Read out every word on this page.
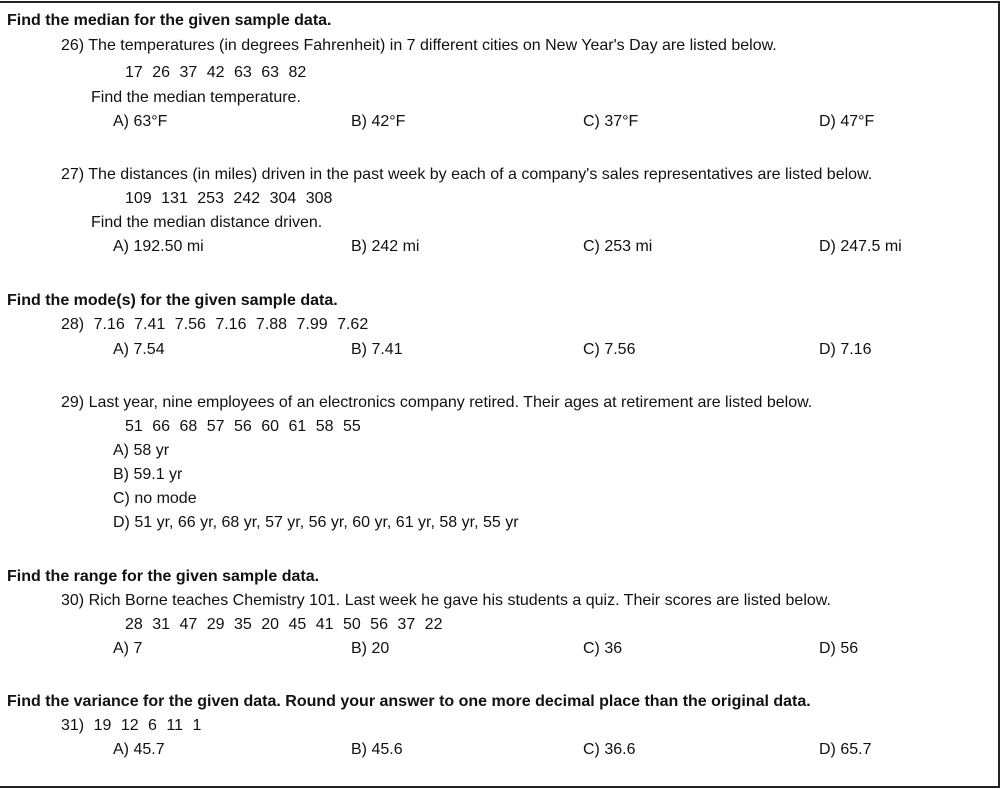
Find the median for the given sample data.
26) The temperatures (in degrees Fahrenheit) in 7 different cities on New Year's Day are listed below.
17 26 37 42 63 63 82
Find the median temperature.
A) 63°F	B) 42°F	C) 37°F	D) 47°F
27) The distances (in miles) driven in the past week by each of a company's sales representatives are listed below.
109 131 253 242 304 308
Find the median distance driven.
A) 192.50 mi	B) 242 mi	C) 253 mi	D) 247.5 mi
Find the mode(s) for the given sample data.
28) 7.16 7.41 7.56 7.16 7.88 7.99 7.62
A) 7.54	B) 7.41	C) 7.56	D) 7.16
29) Last year, nine employees of an electronics company retired. Their ages at retirement are listed below.
51 66 68 57 56 60 61 58 55
A) 58 yr
B) 59.1 yr
C) no mode
D) 51 yr, 66 yr, 68 yr, 57 yr, 56 yr, 60 yr, 61 yr, 58 yr, 55 yr
Find the range for the given sample data.
30) Rich Borne teaches Chemistry 101. Last week he gave his students a quiz. Their scores are listed below.
28 31 47 29 35 20 45 41 50 56 37 22
A) 7	B) 20	C) 36	D) 56
Find the variance for the given data. Round your answer to one more decimal place than the original data.
31) 19 12 6 11 1
A) 45.7	B) 45.6	C) 36.6	D) 65.7
